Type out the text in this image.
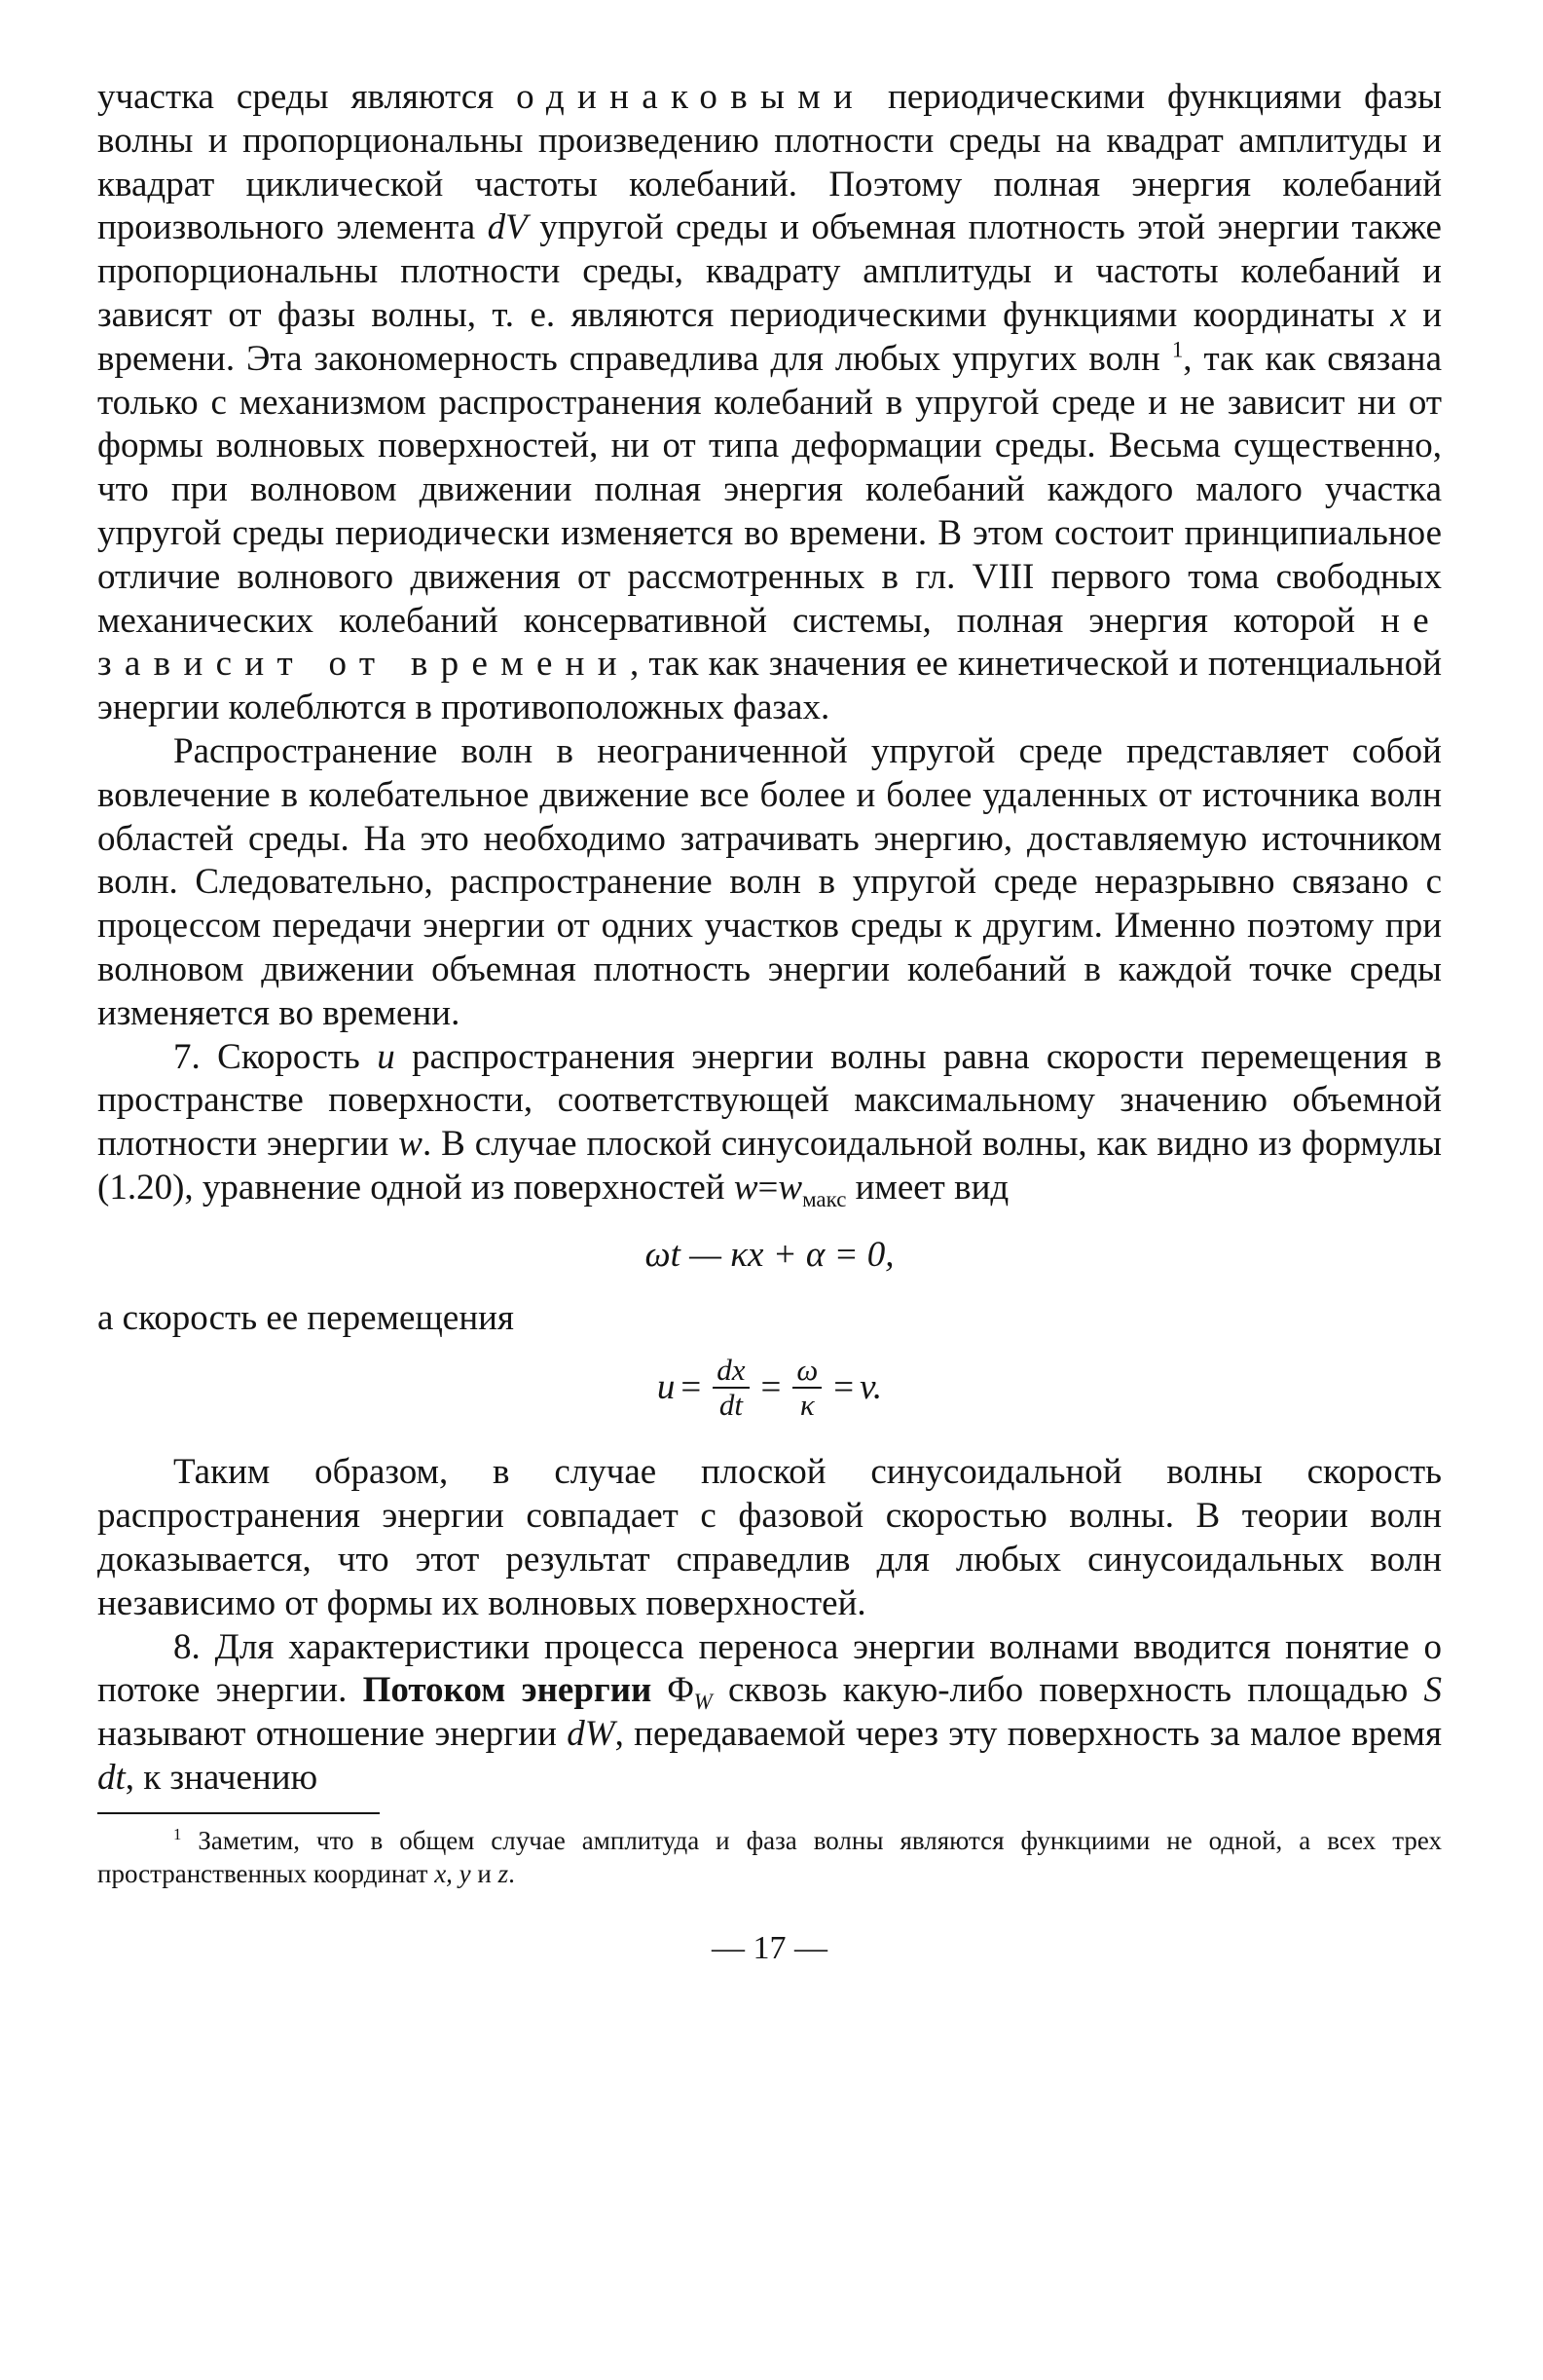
участка среды являются одинаковыми периодическими функциями фазы волны и пропорциональны произведению плотности среды на квадрат амплитуды и квадрат циклической частоты колебаний. Поэтому полная энергия колебаний произвольного элемента dV упругой среды и объемная плотность этой энергии также пропорциональны плотности среды, квадрату амплитуды и частоты колебаний и зависят от фазы волны, т. е. являются периодическими функциями координаты x и времени. Эта закономерность справедлива для любых упругих волн $^1$, так как связана только с механизмом распространения колебаний в упругой среде и не зависит ни от формы волновых поверхностей, ни от типа деформации среды. Весьма существенно, что при волновом движении полная энергия колебаний каждого малого участка упругой среды периодически изменяется во времени. В этом состоит принципиальное отличие волнового движения от рассмотренных в гл. VIII первого тома свободных механических колебаний консервативной системы, полная энергия которой не зависит от времени, так как значения ее кинетической и потенциальной энергии колеблются в противоположных фазах.

Распространение волн в неограниченной упругой среде представляет собой вовлечение в колебательное движение все более и более удаленных от источника волн областей среды. На это необходимо затрачивать энергию, доставляемую источником волн. Следовательно, распространение волн в упругой среде неразрывно связано с процессом передачи энергии от одних участков среды к другим. Именно поэтому при волновом движении объемная плотность энергии колебаний в каждой точке среды изменяется во времени.

7. Скорость u распространения энергии волны равна скорости перемещения в пространстве поверхности, соответствующей максимальному значению объемной плотности энергии w. В случае плоской синусоидальной волны, как видно из формулы (1.20), уравнение одной из поверхностей $w=w_{макс}$ имеет вид

ωt — κx + α = 0,

а скорость ее перемещения

$u = \frac{dx}{dt} = \frac{\omega}{\kappa} = v$.

Таким образом, в случае плоской синусоидальной волны скорость распространения энергии совпадает с фазовой скоростью волны. В теории волн доказывается, что этот результат справедлив для любых синусоидальных волн независимо от формы их волновых поверхностей.

8. Для характеристики процесса переноса энергии волнами вводится понятие о потоке энергии. Потоком энергии $\Phi_W$ сквозь какую-либо поверхность площадью S называют отношение энергии dW, передаваемой через эту поверхность за малое время dt, к значению

$^1$ Заметим, что в общем случае амплитуда и фаза волны являются функциими не одной, а всех трех пространственных координат x, y и z.

— 17 —
